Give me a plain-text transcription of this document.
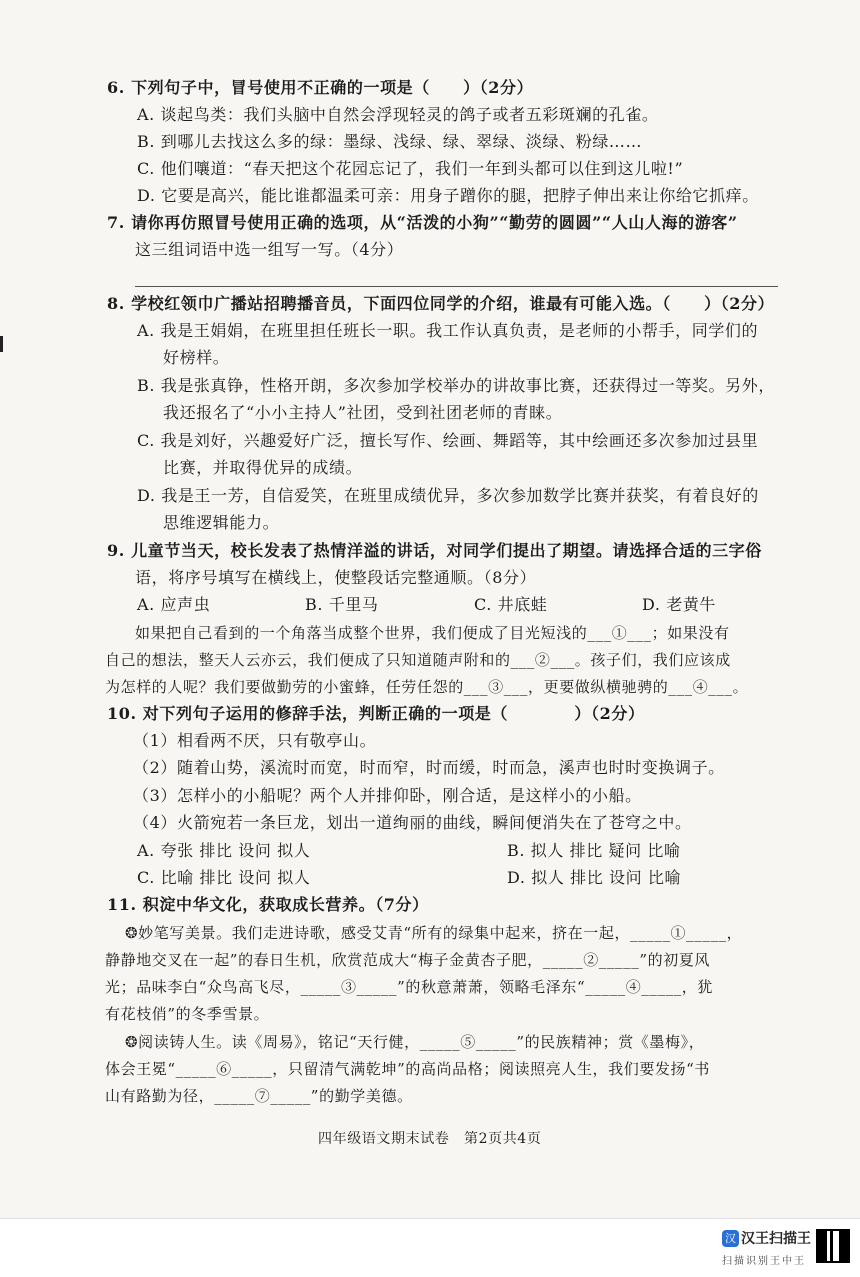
6. 下列句子中，冒号使用不正确的一项是（　　）（2分）
A. 谈起鸟类：我们头脑中自然会浮现轻灵的鸽子或者五彩斑斓的孔雀。
B. 到哪儿去找这么多的绿：墨绿、浅绿、绿、翠绿、淡绿、粉绿……
C. 他们嚷道：“春天把这个花园忘记了，我们一年到头都可以住到这儿啦!”
D. 它要是高兴，能比谁都温柔可亲：用身子蹭你的腿，把脖子伸出来让你给它抓痒。
7. 请你再仿照冒号使用正确的选项，从“活泼的小狗”“勤劳的圆圆”“人山人海的游客”
这三组词语中选一组写一写。（4分）
8. 学校红领巾广播站招聘播音员，下面四位同学的介绍，谁最有可能入选。（　　）（2分）
A. 我是王娟娟，在班里担任班长一职。我工作认真负责，是老师的小帮手，同学们的
好榜样。
B. 我是张真铮，性格开朗，多次参加学校举办的讲故事比赛，还获得过一等奖。另外，
我还报名了“小小主持人”社团，受到社团老师的青睐。
C. 我是刘好，兴趣爱好广泛，擅长写作、绘画、舞蹈等，其中绘画还多次参加过县里
比赛，并取得优异的成绩。
D. 我是王一芳，自信爱笑，在班里成绩优异，多次参加数学比赛并获奖，有着良好的
思维逻辑能力。
9. 儿童节当天，校长发表了热情洋溢的讲话，对同学们提出了期望。请选择合适的三字俗
语，将序号填写在横线上，使整段话完整通顺。（8分）
A. 应声虫	B. 千里马	C. 井底蛙	D. 老黄牛
如果把自己看到的一个角落当成整个世界，我们便成了目光短浅的___①___；如果没有
自己的想法，整天人云亦云，我们便成了只知道随声附和的___②___。孩子们，我们应该成
为怎样的人呢？我们要做勤劳的小蜜蜂，任劳任怨的___③___，更要做纵横驰骋的___④___。
10. 对下列句子运用的修辞手法，判断正确的一项是（　　　　）（2分）
（1）相看两不厌，只有敬亭山。
（2）随着山势，溪流时而宽，时而窄，时而缓，时而急，溪声也时时变换调子。
（3）怎样小的小船呢？两个人并排仰卧，刚合适，是这样小的小船。
（4）火箭宛若一条巨龙，划出一道绚丽的曲线，瞬间便消失在了苍穹之中。
A. 夸张 排比 设问 拟人	B. 拟人 排比 疑问 比喻
C. 比喻 排比 设问 拟人	D. 拟人 排比 设问 比喻
11. 积淀中华文化，获取成长营养。（7分）
❂妙笔写美景。我们走进诗歌，感受艾青“所有的绿集中起来，挤在一起，_____①_____，
静静地交叉在一起”的春日生机，欣赏范成大“梅子金黄杏子肥，_____②_____”的初夏风
光；品味李白“众鸟高飞尽，_____③_____”的秋意萧萧，领略毛泽东“_____④_____，犹
有花枝俏”的冬季雪景。
❂阅读铸人生。读《周易》，铭记“天行健，_____⑤_____”的民族精神；赏《墨梅》，
体会王冕“_____⑥_____，只留清气满乾坤”的高尚品格；阅读照亮人生，我们要发扬“书
山有路勤为径，_____⑦_____”的勤学美德。
四年级语文期末试卷　第2页共4页
汉 汉王扫描王
扫描识别王中王
